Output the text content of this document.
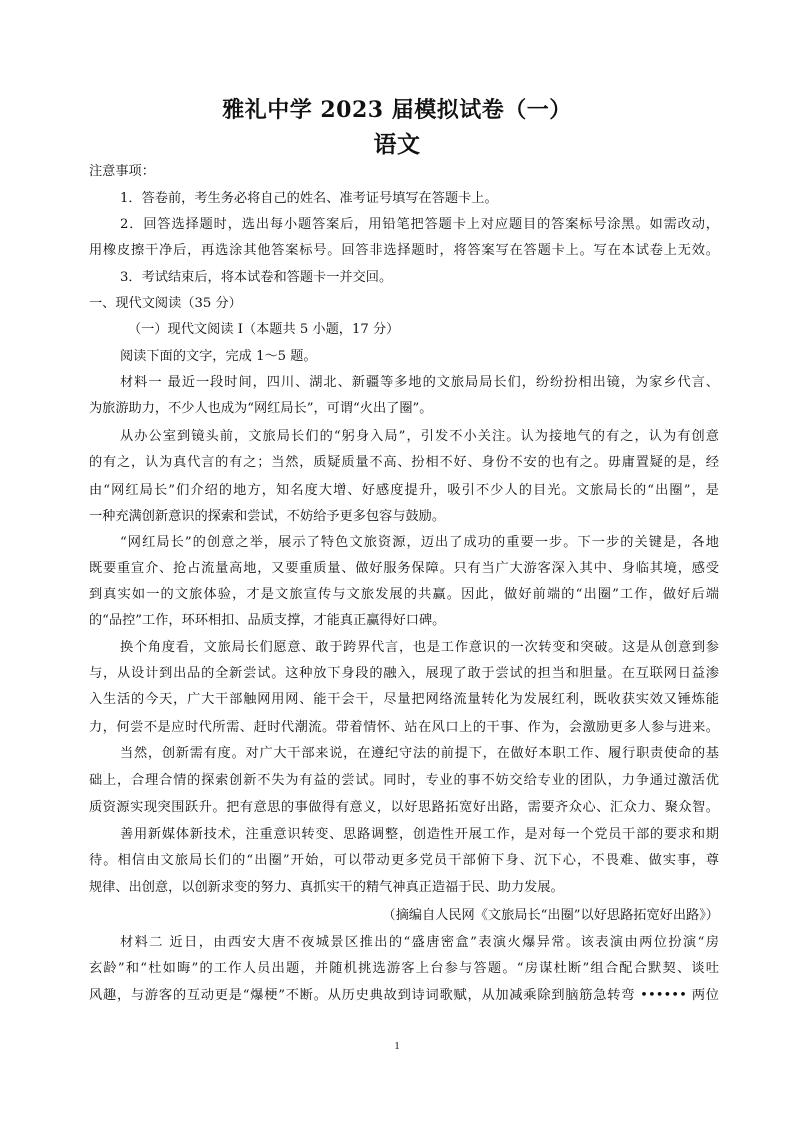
雅礼中学 2023 届模拟试卷（一）
语文
注意事项：
1．答卷前，考生务必将自己的姓名、准考证号填写在答题卡上。
2．回答选择题时，选出每小题答案后，用铅笔把答题卡上对应题目的答案标号涂黑。如需改动，
用橡皮擦干净后，再选涂其他答案标号。回答非选择题时，将答案写在答题卡上。写在本试卷上无效。
3．考试结束后，将本试卷和答题卡一并交回。
一、现代文阅读（35 分）
（一）现代文阅读 I（本题共 5 小题，17 分）
阅读下面的文字，完成 1～5 题。
材料一 最近一段时间，四川、湖北、新疆等多地的文旅局局长们，纷纷扮相出镜，为家乡代言、
为旅游助力，不少人也成为“网红局长”，可谓“火出了圈”。
从办公室到镜头前，文旅局长们的“躬身入局”，引发不小关注。认为接地气的有之，认为有创意
的有之，认为真代言的有之；当然，质疑质量不高、扮相不好、身份不安的也有之。毋庸置疑的是，经
由“网红局长”们介绍的地方，知名度大增、好感度提升，吸引不少人的目光。文旅局长的“出圈”，是
一种充满创新意识的探索和尝试，不妨给予更多包容与鼓励。
“网红局长”的创意之举，展示了特色文旅资源，迈出了成功的重要一步。下一步的关键是，各地
既要重宣介、抢占流量高地，又要重质量、做好服务保障。只有当广大游客深入其中、身临其境，感受
到真实如一的文旅体验，才是文旅宣传与文旅发展的共赢。因此，做好前端的“出圈”工作，做好后端
的“品控”工作，环环相扣、品质支撑，才能真正赢得好口碑。
换个角度看，文旅局长们愿意、敢于跨界代言，也是工作意识的一次转变和突破。这是从创意到参
与，从设计到出品的全新尝试。这种放下身段的融入，展现了敢于尝试的担当和胆量。在互联网日益渗
入生活的今天，广大干部触网用网、能干会干，尽量把网络流量转化为发展红利，既收获实效又锤炼能
力，何尝不是应时代所需、赶时代潮流。带着情怀、站在风口上的干事、作为，会激励更多人参与进来。
当然，创新需有度。对广大干部来说，在遵纪守法的前提下，在做好本职工作、履行职责使命的基
础上，合理合情的探索创新不失为有益的尝试。同时，专业的事不妨交给专业的团队，力争通过激活优
质资源实现突围跃升。把有意思的事做得有意义，以好思路拓宽好出路，需要齐众心、汇众力、聚众智。
善用新媒体新技术，注重意识转变、思路调整，创造性开展工作，是对每一个党员干部的要求和期
待。相信由文旅局长们的“出圈”开始，可以带动更多党员干部俯下身、沉下心，不畏难、做实事，尊
规律、出创意，以创新求变的努力、真抓实干的精气神真正造福于民、助力发展。
（摘编自人民网《文旅局长“出圈”以好思路拓宽好出路》）
材料二 近日，由西安大唐不夜城景区推出的“盛唐密盒”表演火爆异常。该表演由两位扮演“房
玄龄”和“杜如晦”的工作人员出题，并随机挑选游客上台参与答题。“房谋杜断”组合配合默契、谈吐
风趣，与游客的互动更是“爆梗”不断。从历史典故到诗词歌赋，从加减乘除到脑筋急转弯 •••••• 两位
1
